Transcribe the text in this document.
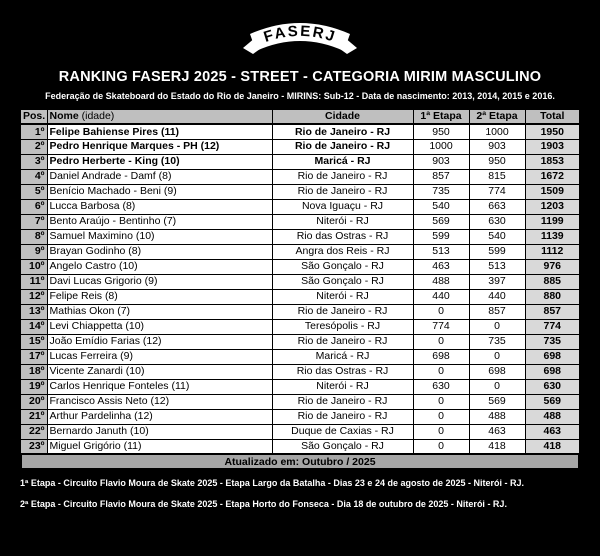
FASERJ
RANKING FASERJ 2025 - STREET - CATEGORIA MIRIM MASCULINO
Federação de Skateboard do Estado do Rio de Janeiro - MIRINS: Sub-12 - Data de nascimento: 2013, 2014, 2015 e 2016.
Pos.	Nome (idade)	Cidade	1ª Etapa	2ª Etapa	Total
1º	Felipe Bahiense Pires (11)	Rio de Janeiro - RJ	950	1000	1950
2º	Pedro Henrique Marques - PH (12)	Rio de Janeiro - RJ	1000	903	1903
3º	Pedro Herberte - King (10)	Maricá - RJ	903	950	1853
4º	Daniel Andrade - Damf (8)	Rio de Janeiro - RJ	857	815	1672
5º	Benício Machado - Beni (9)	Rio de Janeiro - RJ	735	774	1509
6º	Lucca Barbosa (8)	Nova Iguaçu - RJ	540	663	1203
7º	Bento Araújo - Bentinho (7)	Niterói - RJ	569	630	1199
8º	Samuel Maximino (10)	Rio das Ostras - RJ	599	540	1139
9º	Brayan Godinho (8)	Angra dos Reis - RJ	513	599	1112
10º	Angelo Castro (10)	São Gonçalo - RJ	463	513	976
11º	Davi Lucas Grigorio (9)	São Gonçalo - RJ	488	397	885
12º	Felipe Reis (8)	Niterói - RJ	440	440	880
13º	Mathias Okon (7)	Rio de Janeiro - RJ	0	857	857
14º	Levi Chiappetta (10)	Teresópolis - RJ	774	0	774
15º	João Emídio Farias (12)	Rio de Janeiro - RJ	0	735	735
17º	Lucas Ferreira (9)	Maricá - RJ	698	0	698
18º	Vicente Zanardi (10)	Rio das Ostras - RJ	0	698	698
19º	Carlos Henrique Fonteles (11)	Niterói - RJ	630	0	630
20º	Francisco Assis Neto (12)	Rio de Janeiro - RJ	0	569	569
21º	Arthur Pardelinha (12)	Rio de Janeiro - RJ	0	488	488
22º	Bernardo Januth (10)	Duque de Caxias - RJ	0	463	463
23º	Miguel Grigório (11)	São Gonçalo - RJ	0	418	418
Atualizado em: Outubro / 2025
1ª Etapa - Circuito Flavio Moura de Skate 2025 - Etapa Largo da Batalha - Dias 23 e 24 de agosto de 2025 - Niterói - RJ.
2ª Etapa - Circuito Flavio Moura de Skate 2025 - Etapa Horto do Fonseca - Dia 18 de outubro de 2025 - Niterói - RJ.
